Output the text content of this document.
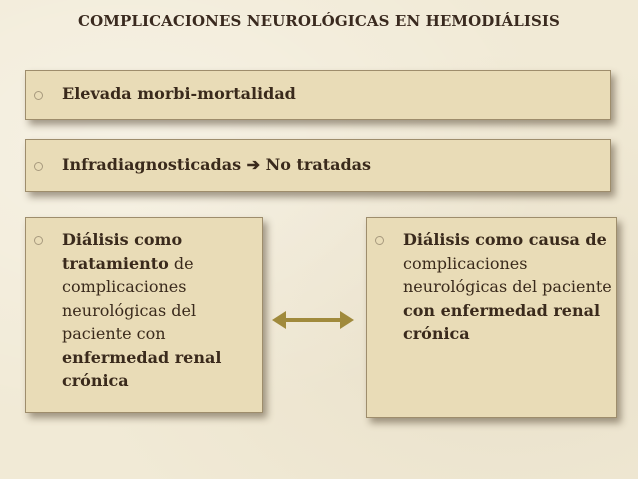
COMPLICACIONES NEUROLÓGICAS EN HEMODIÁLISIS
Elevada morbi-mortalidad
Infradiagnosticadas ➔ No tratadas
Diálisis como
tratamiento de
complicaciones
neurológicas del
paciente con
enfermedad renal
crónica
Diálisis como causa de
complicaciones
neurológicas del paciente
con enfermedad renal
crónica
